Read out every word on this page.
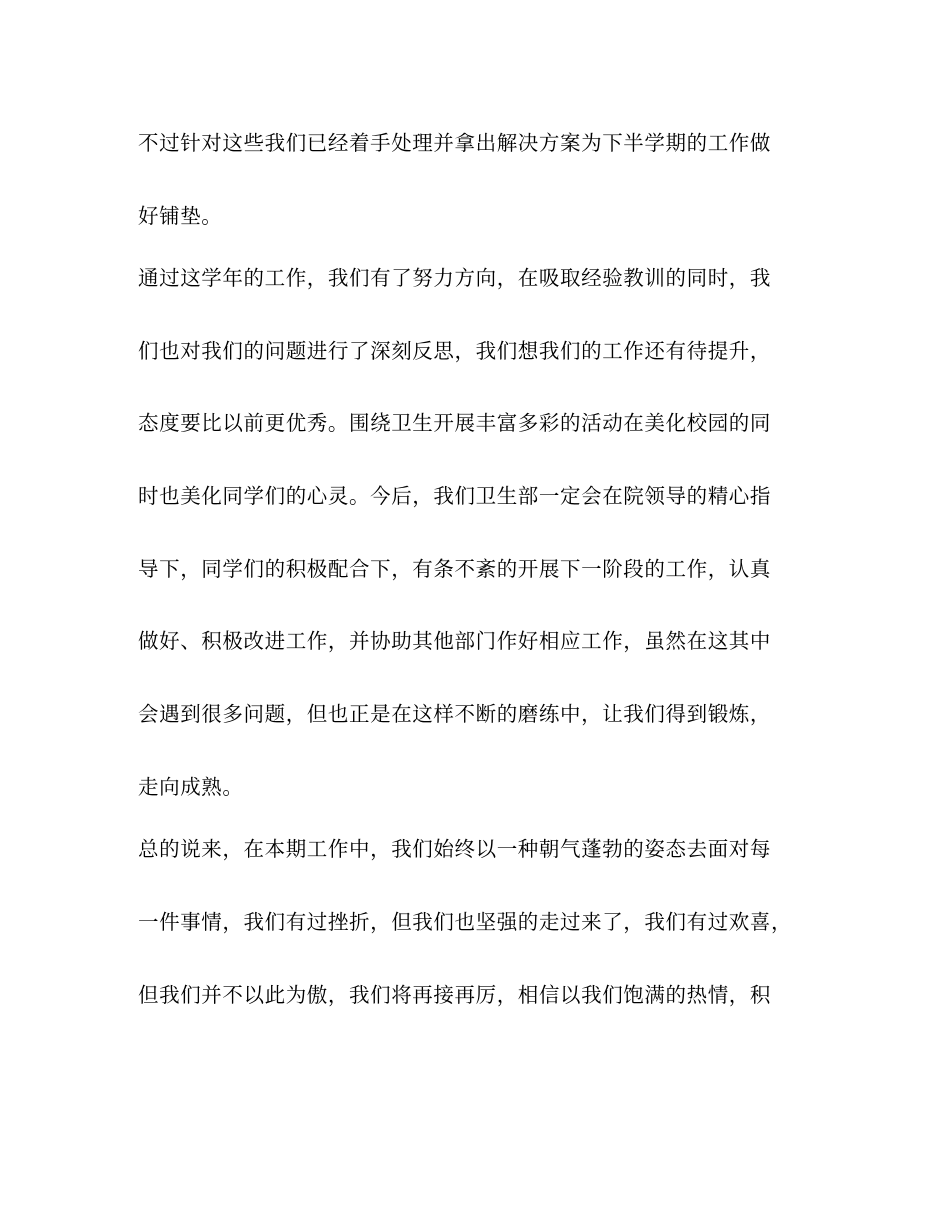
不过针对这些我们已经着手处理并拿出解决方案为下半学期的工作做
好铺垫。
通过这学年的工作，我们有了努力方向，在吸取经验教训的同时，我
们也对我们的问题进行了深刻反思，我们想我们的工作还有待提升，
态度要比以前更优秀。围绕卫生开展丰富多彩的活动在美化校园的同
时也美化同学们的心灵。今后，我们卫生部一定会在院领导的精心指
导下，同学们的积极配合下，有条不紊的开展下一阶段的工作，认真
做好、积极改进工作，并协助其他部门作好相应工作，虽然在这其中
会遇到很多问题，但也正是在这样不断的磨练中，让我们得到锻炼，
走向成熟。
总的说来，在本期工作中，我们始终以一种朝气蓬勃的姿态去面对每
一件事情，我们有过挫折，但我们也坚强的走过来了，我们有过欢喜，
但我们并不以此为傲，我们将再接再厉，相信以我们饱满的热情，积
